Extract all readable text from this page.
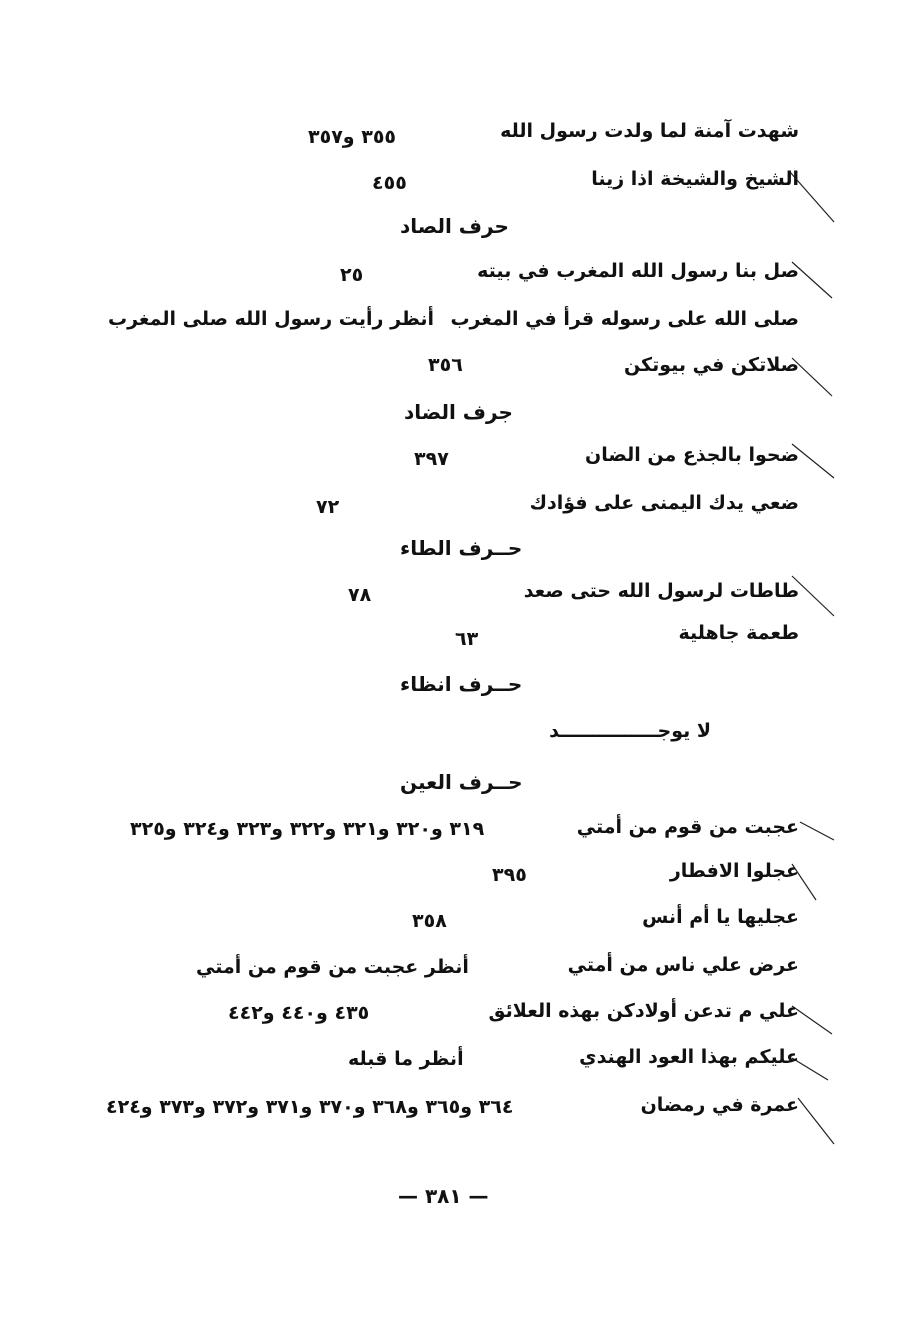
شهدت آمنة لما ولدت رسول الله
٣٥٥ و٣٥٧
الشيخ والشيخة اذا زينا
٤٥٥
حرف الصاد
صل بنا رسول الله المغرب في بيته
٢٥
صلى الله على رسوله قرأ في المغرب
أنظر رأيت رسول الله صلى المغرب
صلاتكن في بيوتكن
٣٥٦
جرف الضاد
ضحوا بالجذع من الضان
٣٩٧
ضعي يدك اليمنى على فؤادك
٧٢
حــرف الطاء
طاطات لرسول الله حتى صعد
٧٨
طعمة جاهلية
٦٣
حــرف انظاء
لا يوجـــــــــــــــد
حــرف العين
عجبت من قوم من أمتي
٣١٩ و٣٢٠ و٣٢١ و٣٢٢ و٣٢٣ و٣٢٤ و٣٢٥
عجلوا الافطار
٣٩٥
عجليها يا أم أنس
٣٥٨
عرض علي ناس من أمتي
أنظر عجبت من قوم من أمتي
علي م تدعن أولادكن بهذه العلائق
٤٣٥ و٤٤٠ و٤٤٢
عليكم بهذا العود الهندي
أنظر ما قبله
عمرة في رمضان
٣٦٤ و٣٦٥ و٣٦٨ و٣٧٠ و٣٧١ و٣٧٢ و٣٧٣ و٤٢٤
— ٣٨١ —
